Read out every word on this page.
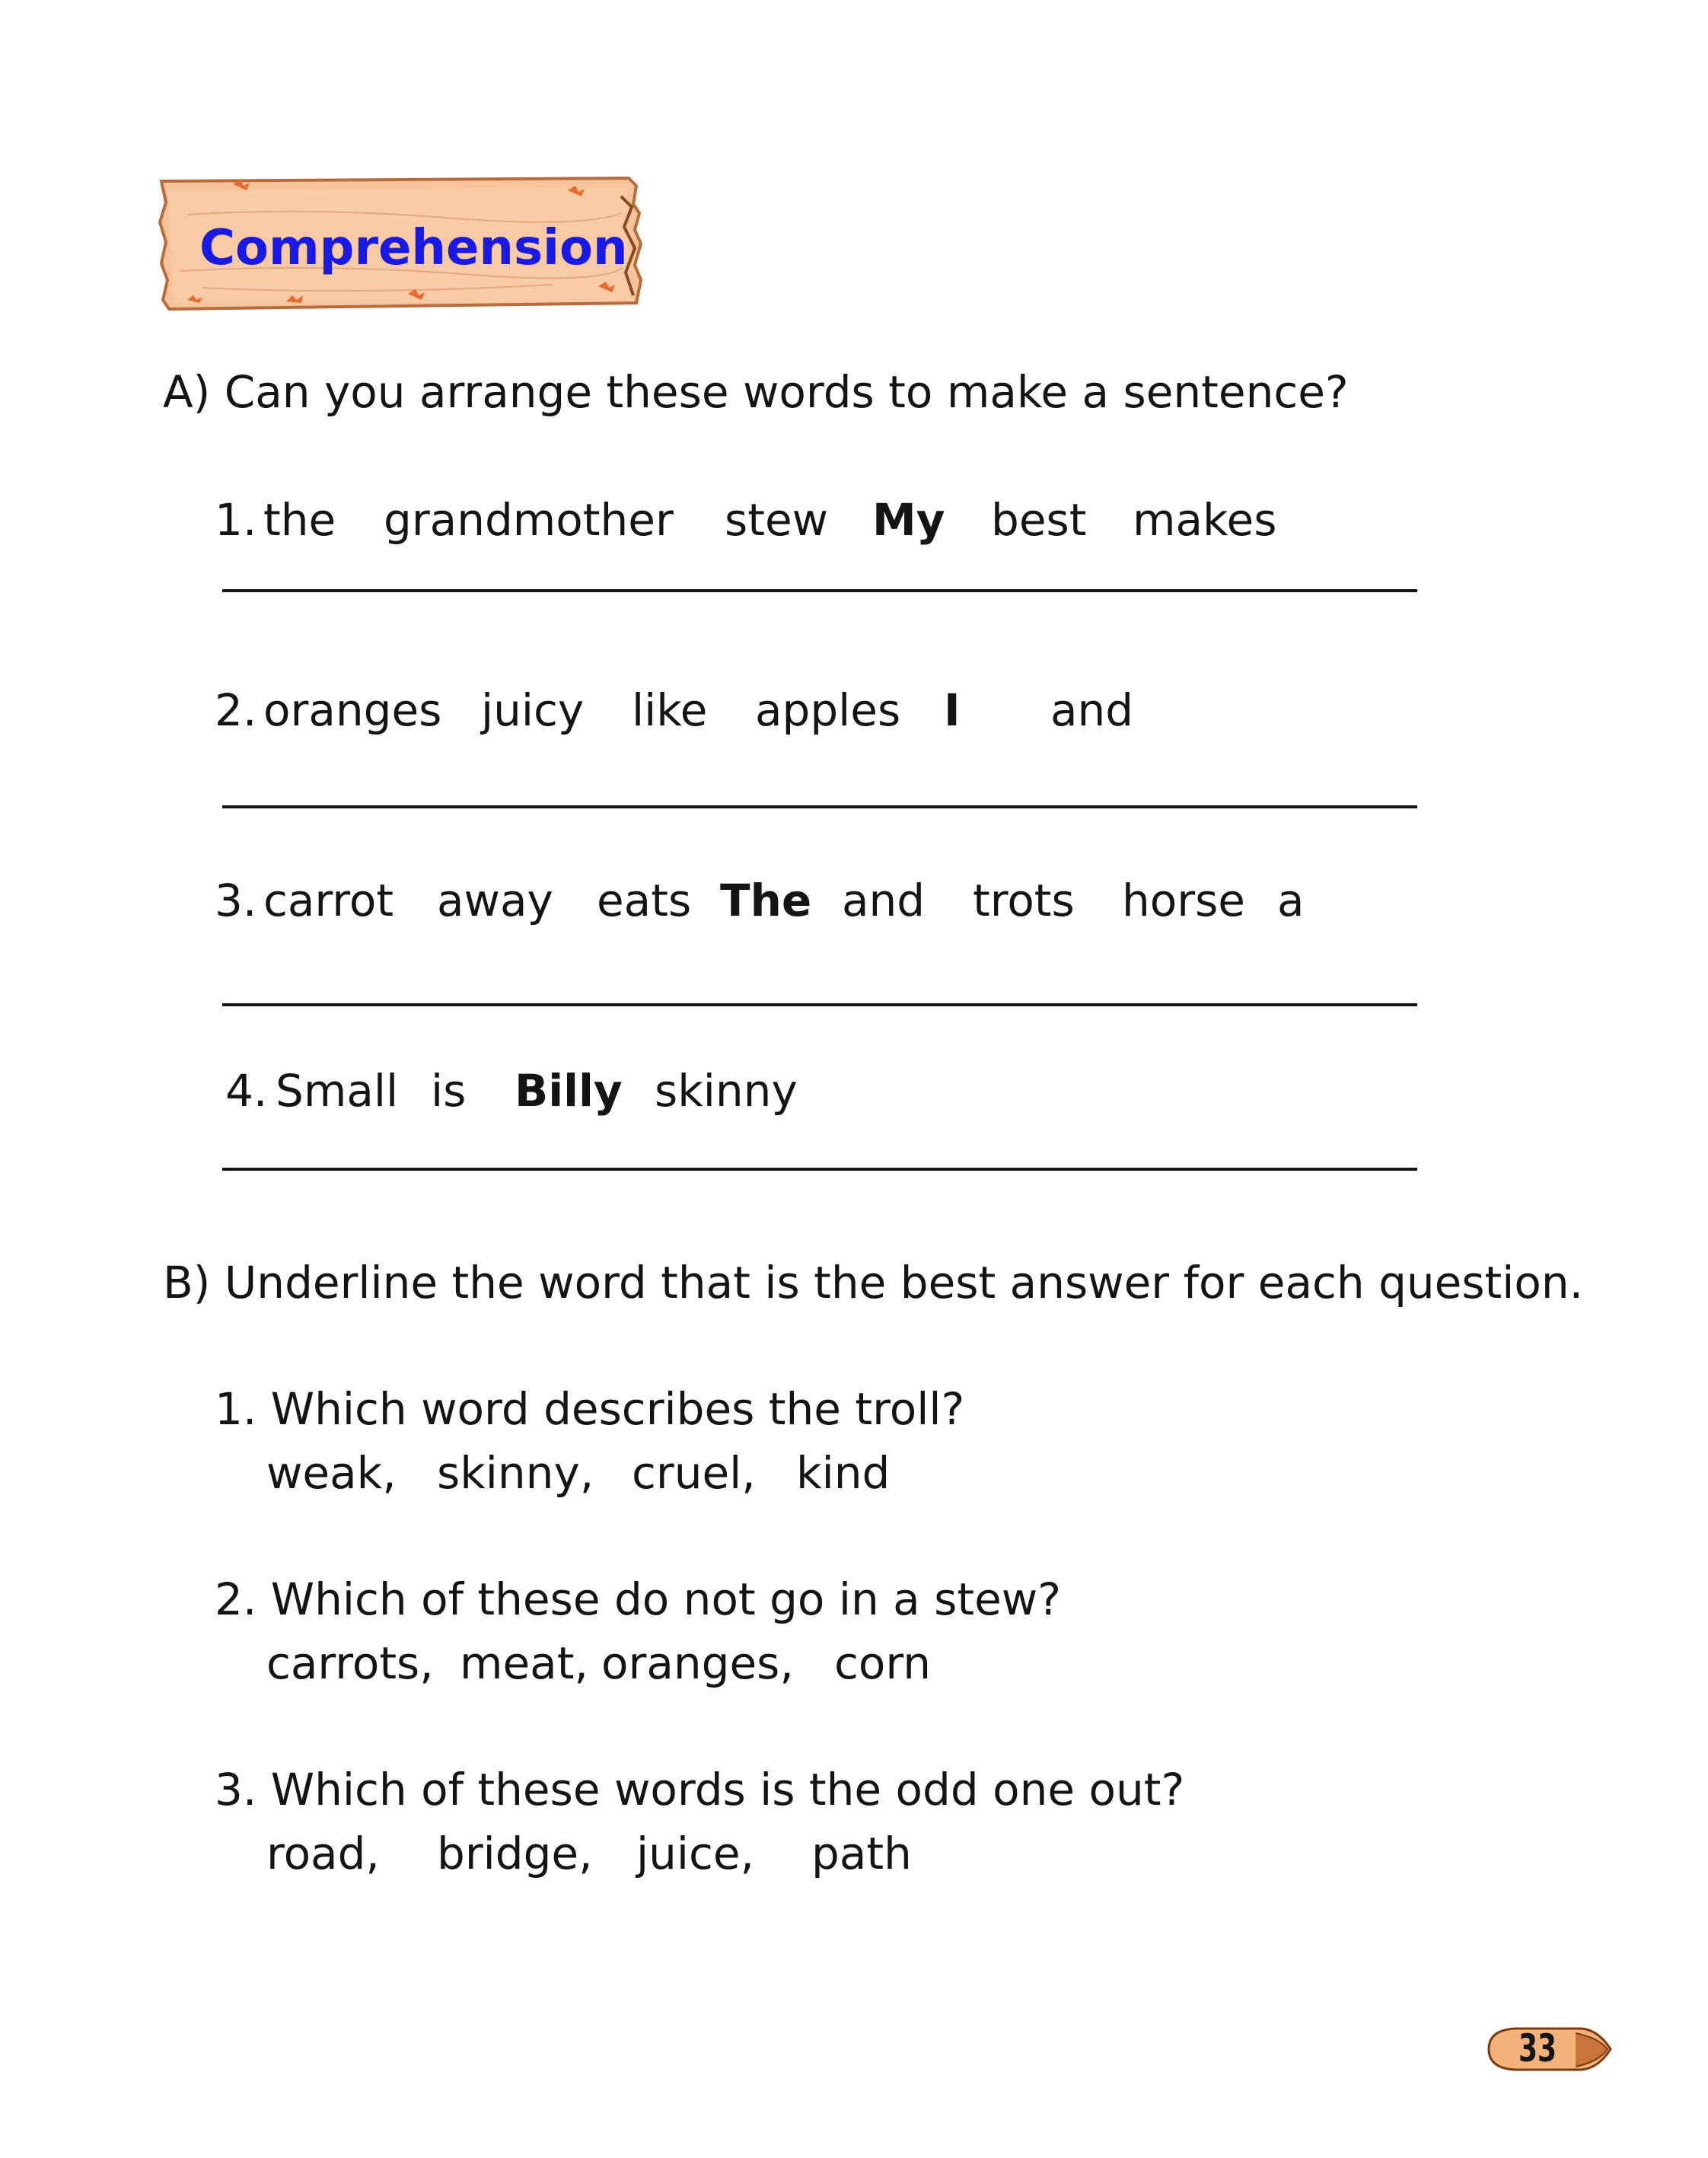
Comprehension
A) Can you arrange these words to make a sentence?
1. the grandmother stew My best makes
2. oranges juicy like apples I and
3. carrot away eats The and trots horse a
4. Small is Billy skinny
B) Underline the word that is the best answer for each question.
1. Which word describes the troll?
weak, skinny, cruel, kind
2. Which of these do not go in a stew?
carrots, meat, oranges, corn
3. Which of these words is the odd one out?
road, bridge, juice, path
33
